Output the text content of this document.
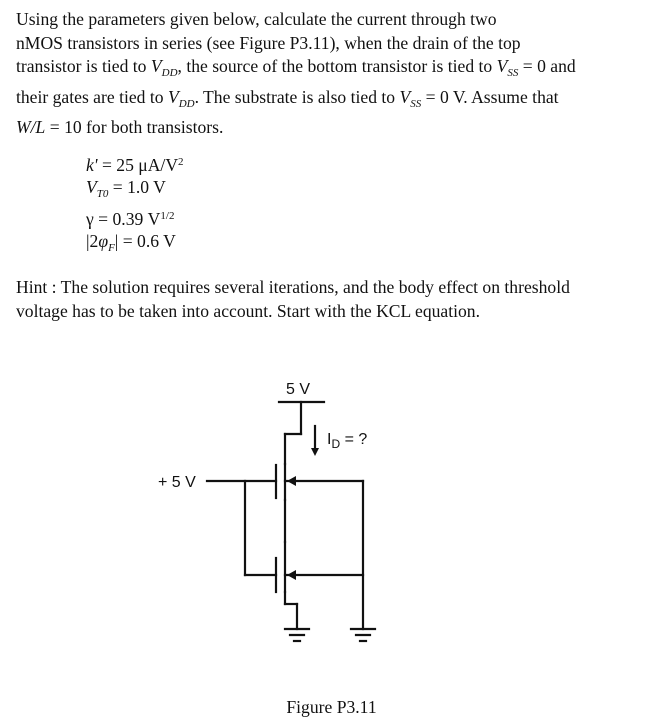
Using the parameters given below, calculate the current through two
nMOS transistors in series (see Figure P3.11), when the drain of the top
transistor is tied to $V_{DD}$, the source of the bottom transistor is tied to $V_{SS} = 0$ and
their gates are tied to $V_{DD}$. The substrate is also tied to $V_{SS} = 0$ V. Assume that
W/L = 10 for both transistors.
k' = 25 $\mu A/V^2$
$V_{T0} = 1.0$ V
γ = 0.39 $V^{1/2}$
$|2\varphi_F| = 0.6$ V
Hint : The solution requires several iterations, and the body effect on threshold
voltage has to be taken into account. Start with the KCL equation.
5 V
+ 5 V
$I_D$ = ?
Figure P3.11
